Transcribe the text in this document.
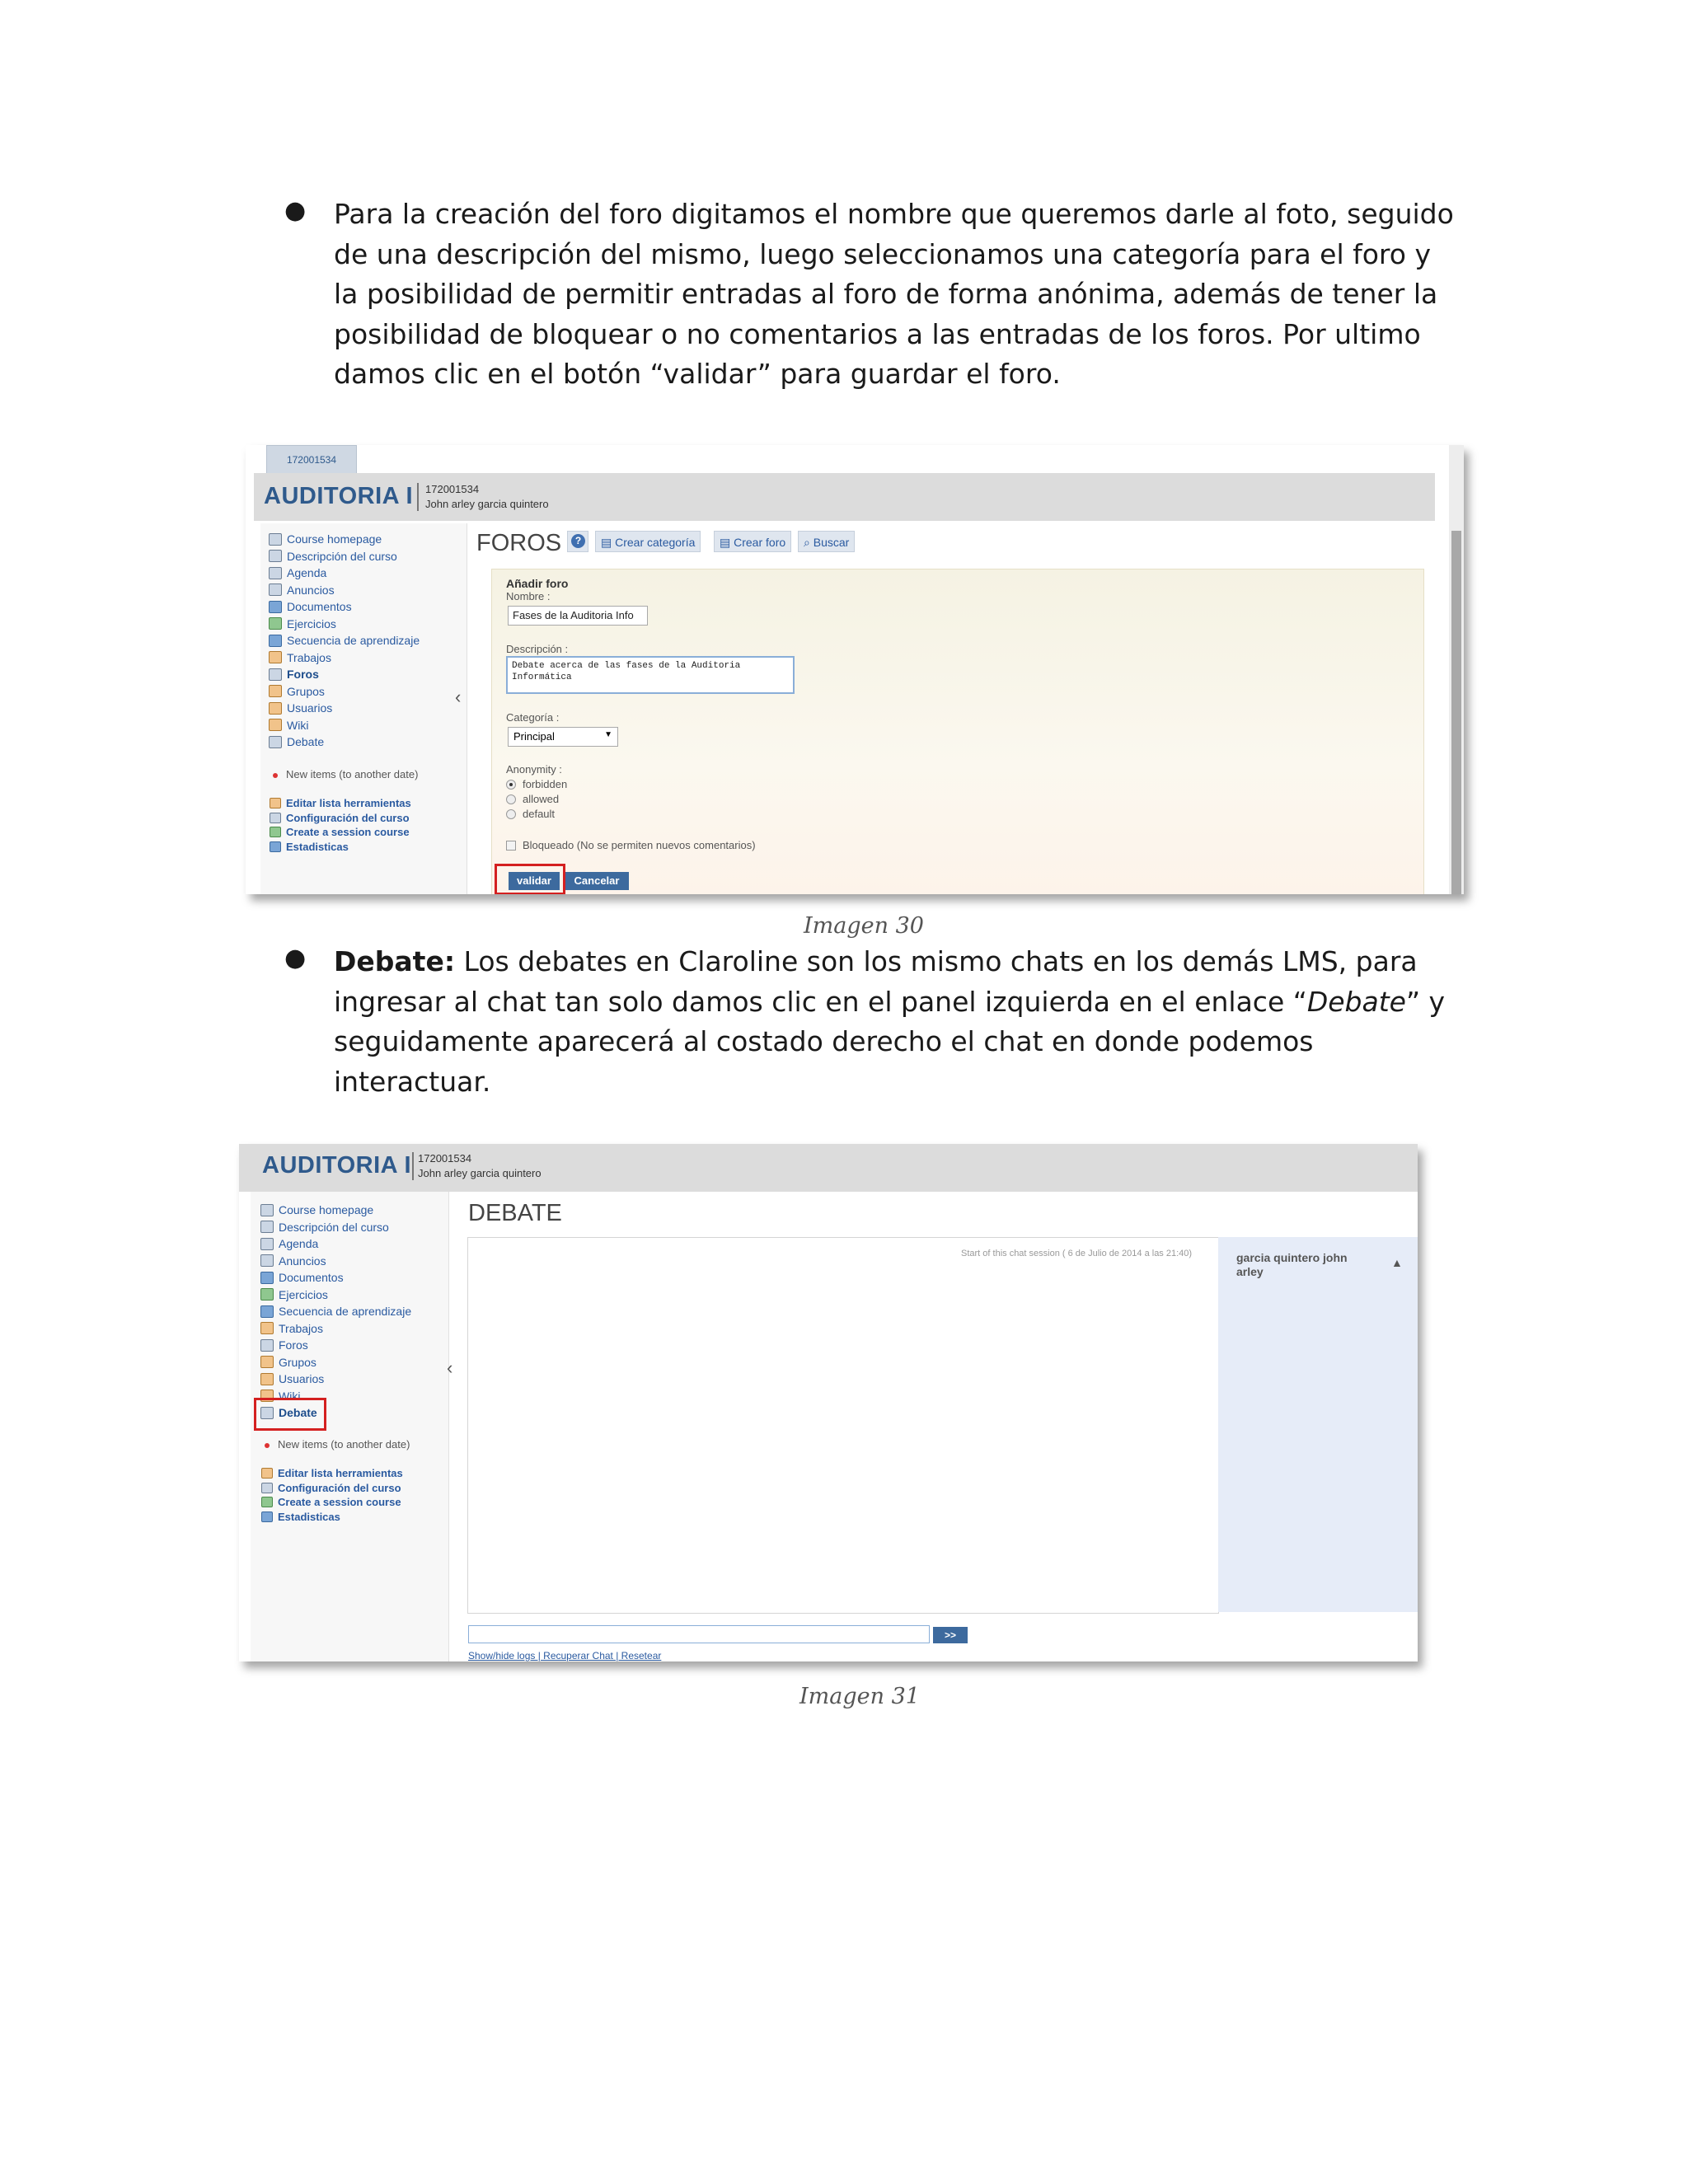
● Para la creación del foro digitamos el nombre que queremos darle al foto, seguido de una descripción del mismo, luego seleccionamos una categoría para el foro y la posibilidad de permitir entradas al foro de forma anónima, además de tener la posibilidad de bloquear o no comentarios a las entradas de los foros. Por ultimo damos clic en el botón “validar” para guardar el foro.
172001534
AUDITORIA I 172001534
John arley garcia quintero
Course homepage
Descripción del curso
Agenda
Anuncios
Documentos
Ejercicios
Secuencia de aprendizaje
Trabajos
Foros
Grupos
Usuarios
Wiki
Debate
New items (to another date)
Editar lista herramientas
Configuración del curso
Create a session course
Estadisticas
‹
FOROS	?	▤ Crear categoría	▤ Crear foro	⌕ Buscar
Añadir foro
Nombre :
Fases de la Auditoria Info
Descripción :
Debate acerca de las fases de la Auditoria Informática
Categoría :
Principal	▼
Anonymity :
forbidden
allowed
default
Bloqueado (No se permiten nuevos comentarios)
validar	Cancelar
Imagen 30
● Debate: Los debates en Claroline son los mismo chats en los demás LMS, para ingresar al chat tan solo damos clic en el panel izquierda en el enlace “Debate” y seguidamente aparecerá al costado derecho el chat en donde podemos interactuar.
AUDITORIA I 172001534
John arley garcia quintero
Course homepage
Descripción del curso
Agenda
Anuncios
Documentos
Ejercicios
Secuencia de aprendizaje
Trabajos
Foros
Grupos
Usuarios
Wiki
Debate
New items (to another date)
Editar lista herramientas
Configuración del curso
Create a session course
Estadisticas
‹
DEBATE
Start of this chat session ( 6 de Julio de 2014 a las 21:40)	garcia quintero john arley
▲
>>
Show/hide logs | Recuperar Chat | Resetear
Imagen 31
